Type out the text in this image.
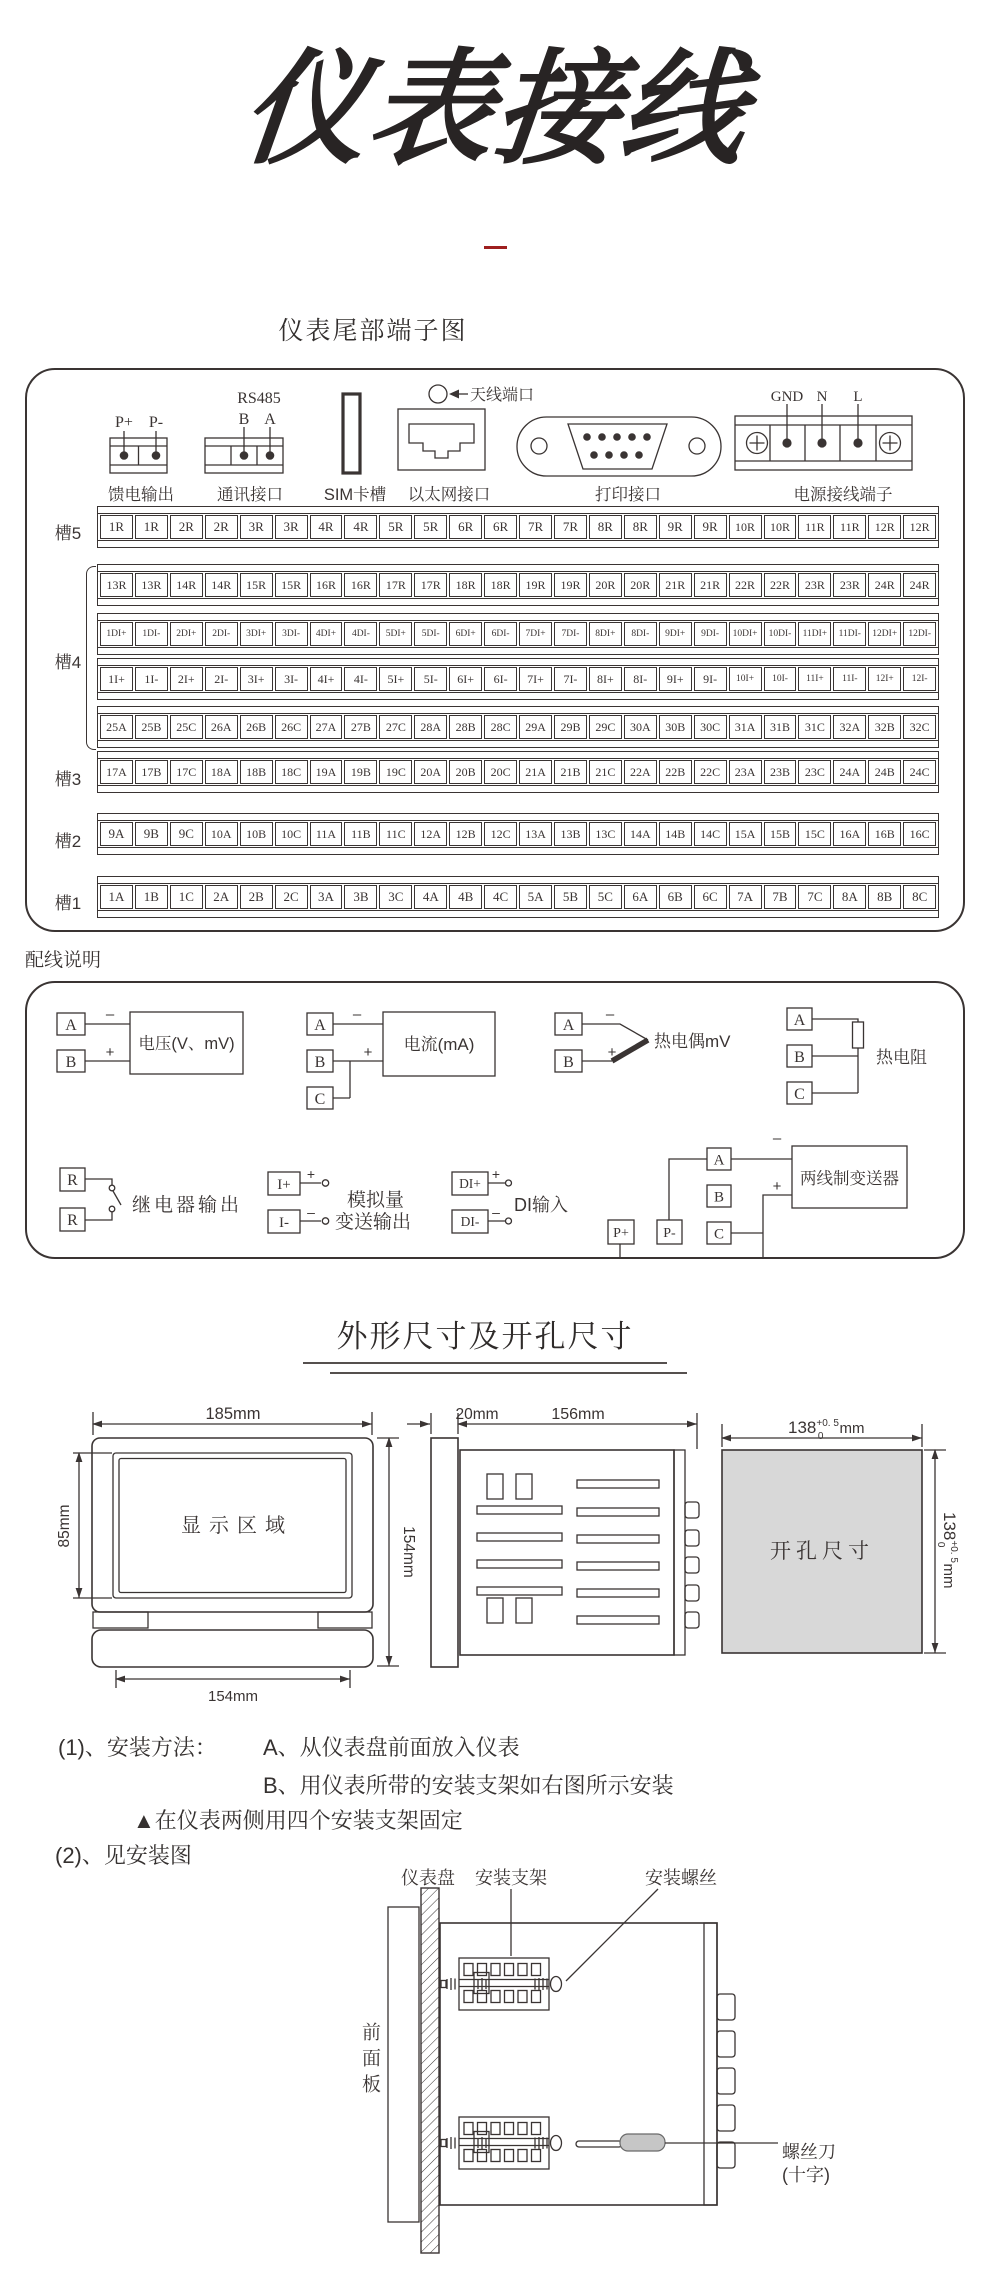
仪表接线
仪表尾部端子图
P+ P-
RS485
B A
天线端口	GND N L
馈电输出	通讯接口 SIM卡槽 以太网接口	打印接口	电源接线端子
槽5
槽4
槽3
槽2
槽1
1R	1R	2R	2R	3R	3R	4R	4R	5R	5R	6R	6R	7R	7R	8R	8R	9R	9R	10R	10R	11R	11R	12R	12R
13R	13R	14R	14R	15R	15R	16R	16R	17R	17R	18R	18R	19R	19R	20R	20R	21R	21R	22R	22R	23R	23R	24R	24R
1DI+	1DI-	2DI+	2DI-	3DI+	3DI-	4DI+	4DI-	5DI+	5DI-	6DI+	6DI-	7DI+	7DI-	8DI+	8DI-	9DI+	9DI-	10DI+	10DI-	11DI+	11DI-	12DI+	12DI-
1I+	1I-	2I+	2I-	3I+	3I-	4I+	4I-	5I+	5I-	6I+	6I-	7I+	7I-	8I+	8I-	9I+	9I-	10I+	10I-	11I+	11I-	12I+	12I-
25A	25B	25C	26A	26B	26C	27A	27B	27C	28A	28B	28C	29A	29B	29C	30A	30B	30C	31A	31B	31C	32A	32B	32C
17A	17B	17C	18A	18B	18C	19A	19B	19C	20A	20B	20C	21A	21B	21C	22A	22B	22C	23A	23B	23C	24A	24B	24C
9A	9B	9C	10A	10B	10C	11A	11B	11C	12A	12B	12C	13A	13B	13C	14A	14B	14C	15A	15B	15C	16A	16B	16C
1A	1B	1C	2A	2B	2C	3A	3B	3C	4A	4B	4C	5A	5B	5C	6A	6B	6C	7A	7B	7C	8A	8B	8C
配线说明
A
B
–
+ 电压(V、mV)
A
B
C
–
+ 电流(mA)
A
B
–
+
热电偶mV
A
B
C
热电阻
R
R
继电器输出
I+
I-
+
–
模拟量
变送输出
DI+
DI-
+
– DI输入
P+ P-
A
B
C
两线制变送器
–
+
外形尺寸及开孔尺寸
185mm
显示区域
85mm
154mm
154mm
20mm	156mm
开孔尺寸
$138^{+0. 5}$ 0 mm
$138^{+0. 5}0mm$
(1)、安装方法： A、从仪表盘前面放入仪表
B、用仪表所带的安装支架如右图所示安装
▲在仪表两侧用四个安装支架固定
(2)、见安装图
仪表盘 安装支架	安装螺丝
螺丝刀
(十字)
前面板
